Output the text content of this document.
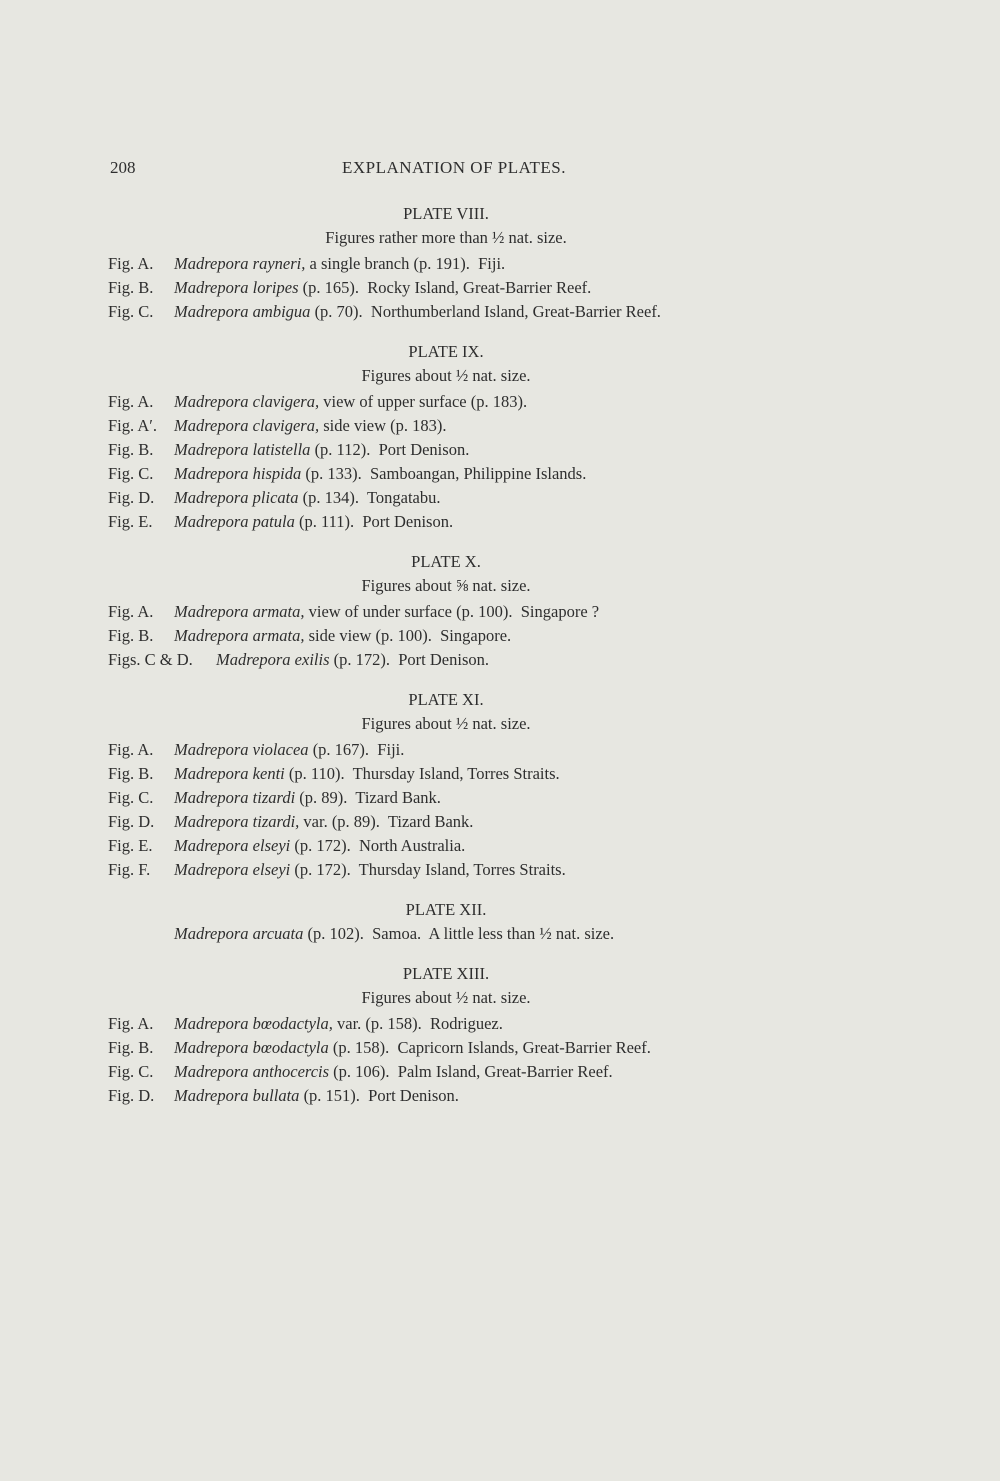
208	EXPLANATION OF PLATES.
PLATE VIII.
Figures rather more than ½ nat. size.
Fig. A.	Madrepora rayneri, a single branch (p. 191).  Fiji.
Fig. B.	Madrepora loripes (p. 165).  Rocky Island, Great-Barrier Reef.
Fig. C.	Madrepora ambigua (p. 70).  Northumberland Island, Great-Barrier Reef.
PLATE IX.
Figures about ½ nat. size.
Fig. A.	Madrepora clavigera, view of upper surface (p. 183).
Fig. A′.	Madrepora clavigera, side view (p. 183).
Fig. B.	Madrepora latistella (p. 112).  Port Denison.
Fig. C.	Madrepora hispida (p. 133).  Samboangan, Philippine Islands.
Fig. D.	Madrepora plicata (p. 134).  Tongatabu.
Fig. E.	Madrepora patula (p. 111).  Port Denison.
PLATE X.
Figures about ⅝ nat. size.
Fig. A.	Madrepora armata, view of under surface (p. 100).  Singapore ?
Fig. B.	Madrepora armata, side view (p. 100).  Singapore.
Figs. C & D.	Madrepora exilis (p. 172).  Port Denison.
PLATE XI.
Figures about ½ nat. size.
Fig. A.	Madrepora violacea (p. 167).  Fiji.
Fig. B.	Madrepora kenti (p. 110).  Thursday Island, Torres Straits.
Fig. C.	Madrepora tizardi (p. 89).  Tizard Bank.
Fig. D.	Madrepora tizardi, var. (p. 89).  Tizard Bank.
Fig. E.	Madrepora elseyi (p. 172).  North Australia.
Fig. F.	Madrepora elseyi (p. 172).  Thursday Island, Torres Straits.
PLATE XII.
Madrepora arcuata (p. 102).  Samoa.  A little less than ½ nat. size.
PLATE XIII.
Figures about ½ nat. size.
Fig. A.	Madrepora bœodactyla, var. (p. 158).  Rodriguez.
Fig. B.	Madrepora bœodactyla (p. 158).  Capricorn Islands, Great-Barrier Reef.
Fig. C.	Madrepora anthocercis (p. 106).  Palm Island, Great-Barrier Reef.
Fig. D.	Madrepora bullata (p. 151).  Port Denison.
